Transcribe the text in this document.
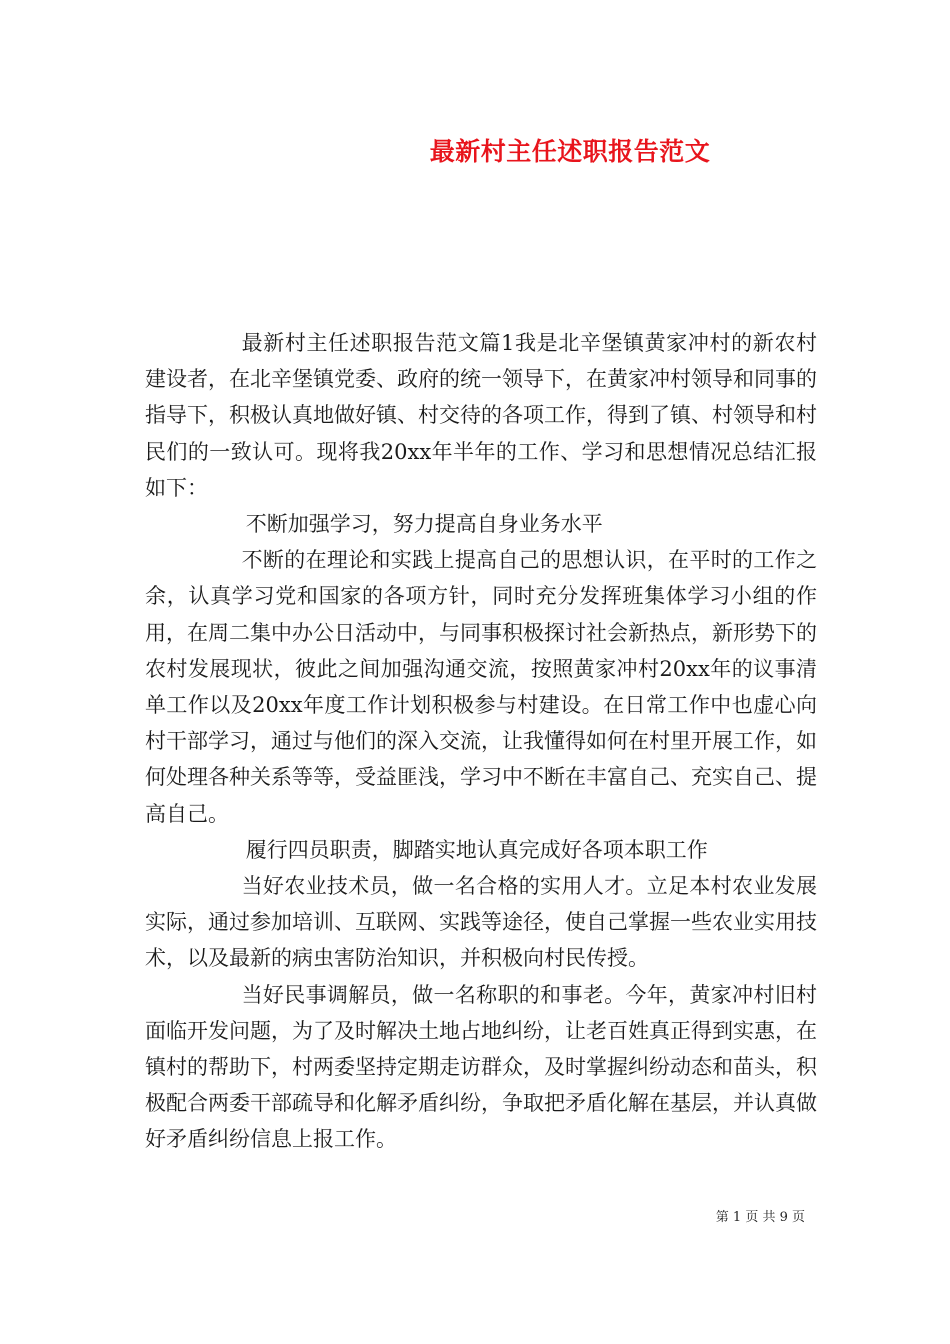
最新村主任述职报告范文

最新村主任述职报告范文篇1我是北辛堡镇黄家冲村的新农村建设者，在北辛堡镇党委、政府的统一领导下，在黄家冲村领导和同事的指导下，积极认真地做好镇、村交待的各项工作，得到了镇、村领导和村民们的一致认可。现将我20xx年半年的工作、学习和思想情况总结汇报如下：

不断加强学习，努力提高自身业务水平

不断的在理论和实践上提高自己的思想认识，在平时的工作之余，认真学习党和国家的各项方针，同时充分发挥班集体学习小组的作用，在周二集中办公日活动中，与同事积极探讨社会新热点，新形势下的农村发展现状，彼此之间加强沟通交流，按照黄家冲村20xx年的议事清单工作以及20xx年度工作计划积极参与村建设。在日常工作中也虚心向村干部学习，通过与他们的深入交流，让我懂得如何在村里开展工作，如何处理各种关系等等，受益匪浅，学习中不断在丰富自己、充实自己、提高自己。

履行四员职责，脚踏实地认真完成好各项本职工作

当好农业技术员，做一名合格的实用人才。立足本村农业发展实际，通过参加培训、互联网、实践等途径，使自己掌握一些农业实用技术，以及最新的病虫害防治知识，并积极向村民传授。

当好民事调解员，做一名称职的和事老。今年，黄家冲村旧村面临开发问题，为了及时解决土地占地纠纷，让老百姓真正得到实惠，在镇村的帮助下，村两委坚持定期走访群众，及时掌握纠纷动态和苗头，积极配合两委干部疏导和化解矛盾纠纷，争取把矛盾化解在基层，并认真做好矛盾纠纷信息上报工作。

第 1 页 共 9 页
